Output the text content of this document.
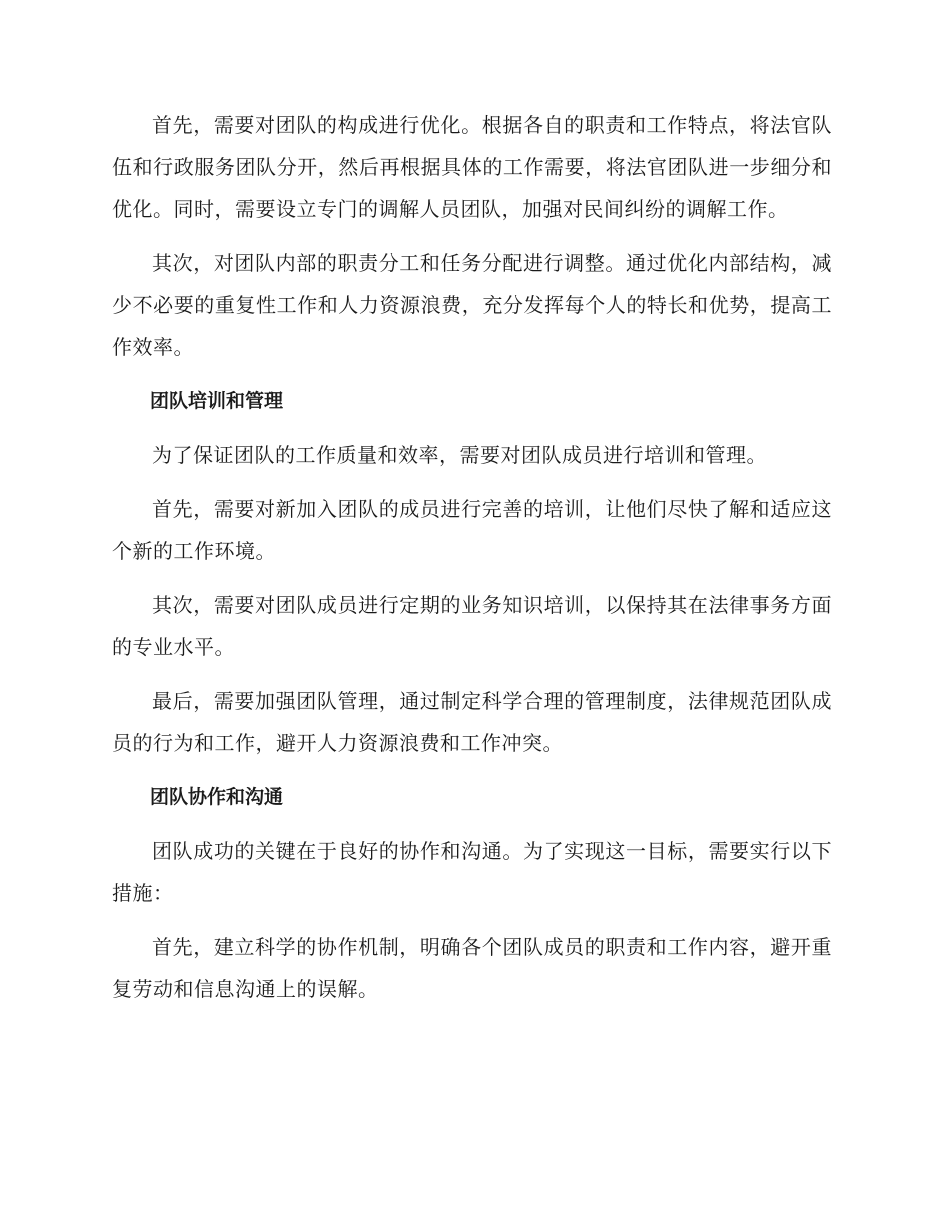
首先，需要对团队的构成进行优化。根据各自的职责和工作特点，将法官队伍和行政服务团队分开，然后再根据具体的工作需要，将法官团队进一步细分和优化。同时，需要设立专门的调解人员团队，加强对民间纠纷的调解工作。

其次，对团队内部的职责分工和任务分配进行调整。通过优化内部结构，减少不必要的重复性工作和人力资源浪费，充分发挥每个人的特长和优势，提高工作效率。

团队培训和管理

为了保证团队的工作质量和效率，需要对团队成员进行培训和管理。

首先，需要对新加入团队的成员进行完善的培训，让他们尽快了解和适应这个新的工作环境。

其次，需要对团队成员进行定期的业务知识培训，以保持其在法律事务方面的专业水平。

最后，需要加强团队管理，通过制定科学合理的管理制度，法律规范团队成员的行为和工作，避开人力资源浪费和工作冲突。

团队协作和沟通

团队成功的关键在于良好的协作和沟通。为了实现这一目标，需要实行以下措施：

首先，建立科学的协作机制，明确各个团队成员的职责和工作内容，避开重复劳动和信息沟通上的误解。
